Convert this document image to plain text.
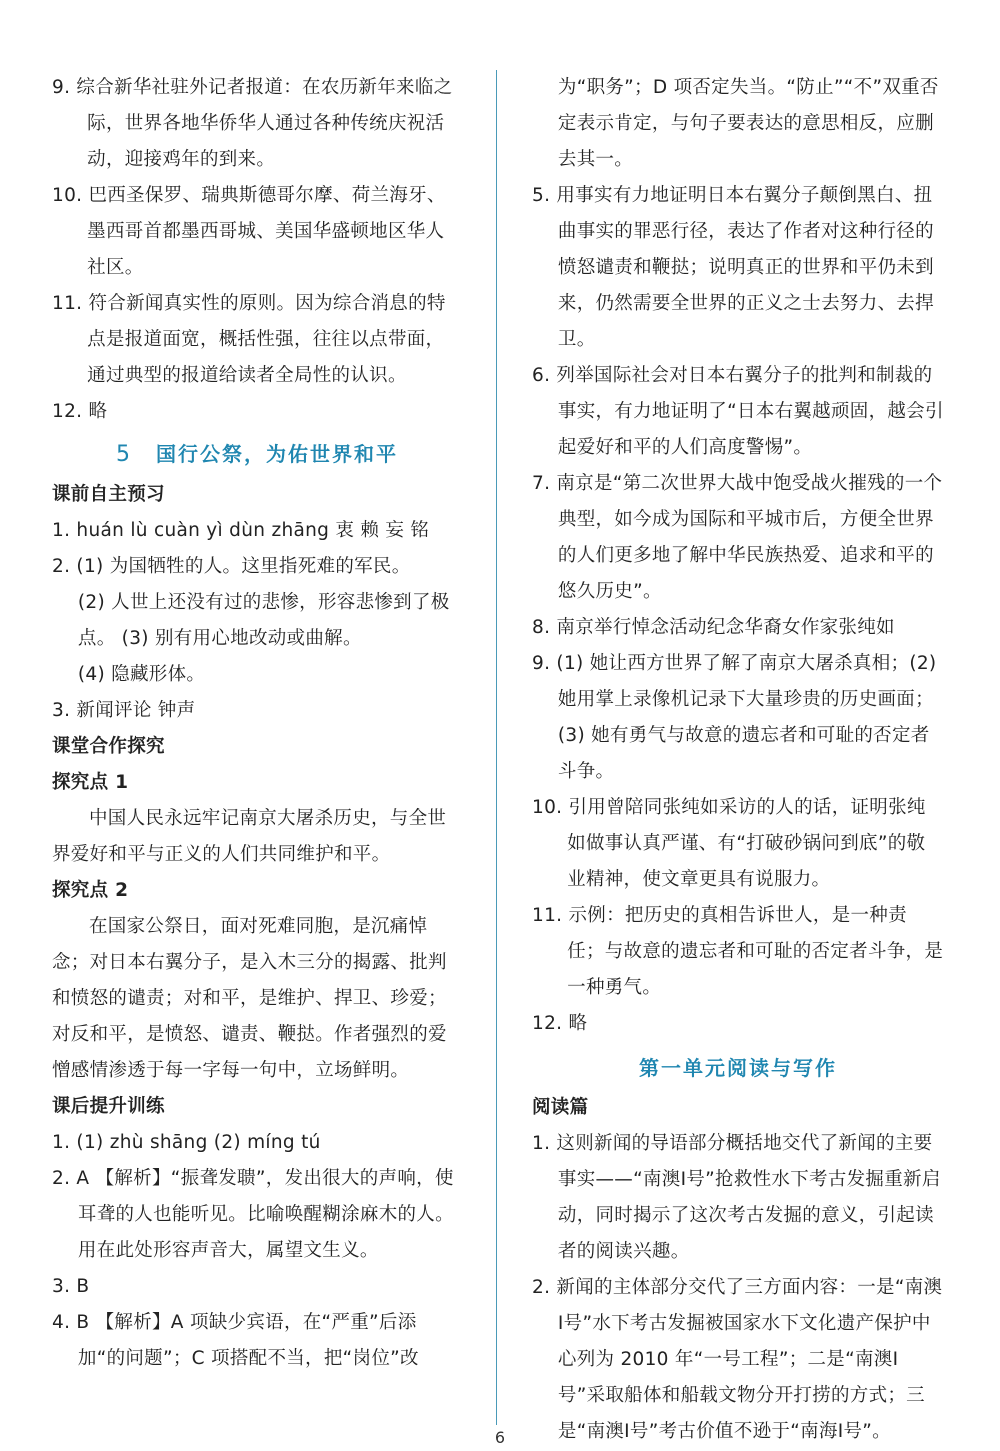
9. 综合新华社驻外记者报道：在农历新年来临之际，世界各地华侨华人通过各种传统庆祝活动，迎接鸡年的到来。

10. 巴西圣保罗、瑞典斯德哥尔摩、荷兰海牙、墨西哥首都墨西哥城、美国华盛顿地区华人社区。

11. 符合新闻真实性的原则。因为综合消息的特点是报道面宽，概括性强，往往以点带面，通过典型的报道给读者全局性的认识。

12. 略

5 国行公祭，为佑世界和平

课前自主预习

1. huán lù cuàn yì dùn zhāng 衷 赖 妄 铭

2. (1) 为国牺牲的人。这里指死难的军民。

(2) 人世上还没有过的悲惨，形容悲惨到了极点。 (3) 别有用心地改动或曲解。

(4) 隐藏形体。

3. 新闻评论 钟声

课堂合作探究

探究点 1

中国人民永远牢记南京大屠杀历史，与全世界爱好和平与正义的人们共同维护和平。

探究点 2

在国家公祭日，面对死难同胞，是沉痛悼念；对日本右翼分子，是入木三分的揭露、批判和愤怒的谴责；对和平，是维护、捍卫、珍爱；对反和平，是愤怒、谴责、鞭挞。作者强烈的爱憎感情渗透于每一字每一句中，立场鲜明。

课后提升训练

1. (1) zhù shāng (2) míng tú

2. A 【解析】“振聋发聩”，发出很大的声响，使耳聋的人也能听见。比喻唤醒糊涂麻木的人。用在此处形容声音大，属望文生义。

3. B

4. B 【解析】A 项缺少宾语，在“严重”后添加“的问题”；C 项搭配不当，把“岗位”改

为“职务”；D 项否定失当。“防止”“不”双重否定表示肯定，与句子要表达的意思相反，应删去其一。

5. 用事实有力地证明日本右翼分子颠倒黑白、扭曲事实的罪恶行径，表达了作者对这种行径的愤怒谴责和鞭挞；说明真正的世界和平仍未到来，仍然需要全世界的正义之士去努力、去捍卫。

6. 列举国际社会对日本右翼分子的批判和制裁的事实，有力地证明了“日本右翼越顽固，越会引起爱好和平的人们高度警惕”。

7. 南京是“第二次世界大战中饱受战火摧残的一个典型，如今成为国际和平城市后，方便全世界的人们更多地了解中华民族热爱、追求和平的悠久历史”。

8. 南京举行悼念活动纪念华裔女作家张纯如

9. (1) 她让西方世界了解了南京大屠杀真相；(2) 她用掌上录像机记录下大量珍贵的历史画面；(3) 她有勇气与故意的遗忘者和可耻的否定者斗争。

10. 引用曾陪同张纯如采访的人的话，证明张纯如做事认真严谨、有“打破砂锅问到底”的敬业精神，使文章更具有说服力。

11. 示例：把历史的真相告诉世人，是一种责任；与故意的遗忘者和可耻的否定者斗争，是一种勇气。

12. 略

第一单元阅读与写作

阅读篇

1. 这则新闻的导语部分概括地交代了新闻的主要事实——“南澳Ⅰ号”抢救性水下考古发掘重新启动，同时揭示了这次考古发掘的意义，引起读者的阅读兴趣。

2. 新闻的主体部分交代了三方面内容：一是“南澳Ⅰ号”水下考古发掘被国家水下文化遗产保护中心列为 2010 年“一号工程”；二是“南澳Ⅰ号”采取船体和船载文物分开打捞的方式；三是“南澳Ⅰ号”考古价值不逊于“南海Ⅰ号”。

6
